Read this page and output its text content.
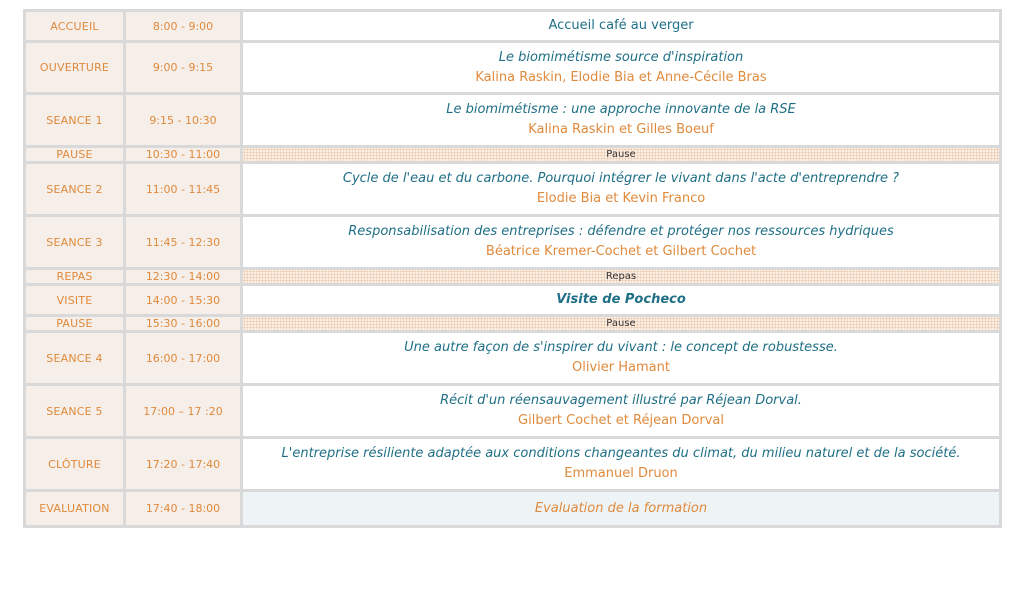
ACCUEIL	8:00 - 9:00	Accueil café au verger
OUVERTURE	9:00 - 9:15
Le biomimétisme source d'inspiration
Kalina Raskin, Elodie Bia et Anne-Cécile Bras
SEANCE 1	9:15 - 10:30
Le biomimétisme : une approche innovante de la RSE
Kalina Raskin et Gilles Boeuf
PAUSE	10:30 - 11:00	Pause
SEANCE 2	11:00 - 11:45
Cycle de l'eau et du carbone. Pourquoi intégrer le vivant dans l'acte d'entreprendre ?
Elodie Bia et Kevin Franco
SEANCE 3	11:45 - 12:30
Responsabilisation des entreprises : défendre et protéger nos ressources hydriques
Béatrice Kremer-Cochet et Gilbert Cochet
REPAS	12:30 - 14:00	Repas
VISITE	14:00 - 15:30	Visite de Pocheco
PAUSE	15:30 - 16:00	Pause
SEANCE 4	16:00 - 17:00
Une autre façon de s'inspirer du vivant : le concept de robustesse.
Olivier Hamant
SEANCE 5	17:00 – 17 :20
Récit d'un réensauvagement illustré par Réjean Dorval.
Gilbert Cochet et Réjean Dorval
CLÔTURE	17:20 - 17:40
L'entreprise résiliente adaptée aux conditions changeantes du climat, du milieu naturel et de la société.
Emmanuel Druon
EVALUATION	17:40 - 18:00	Evaluation de la formation
